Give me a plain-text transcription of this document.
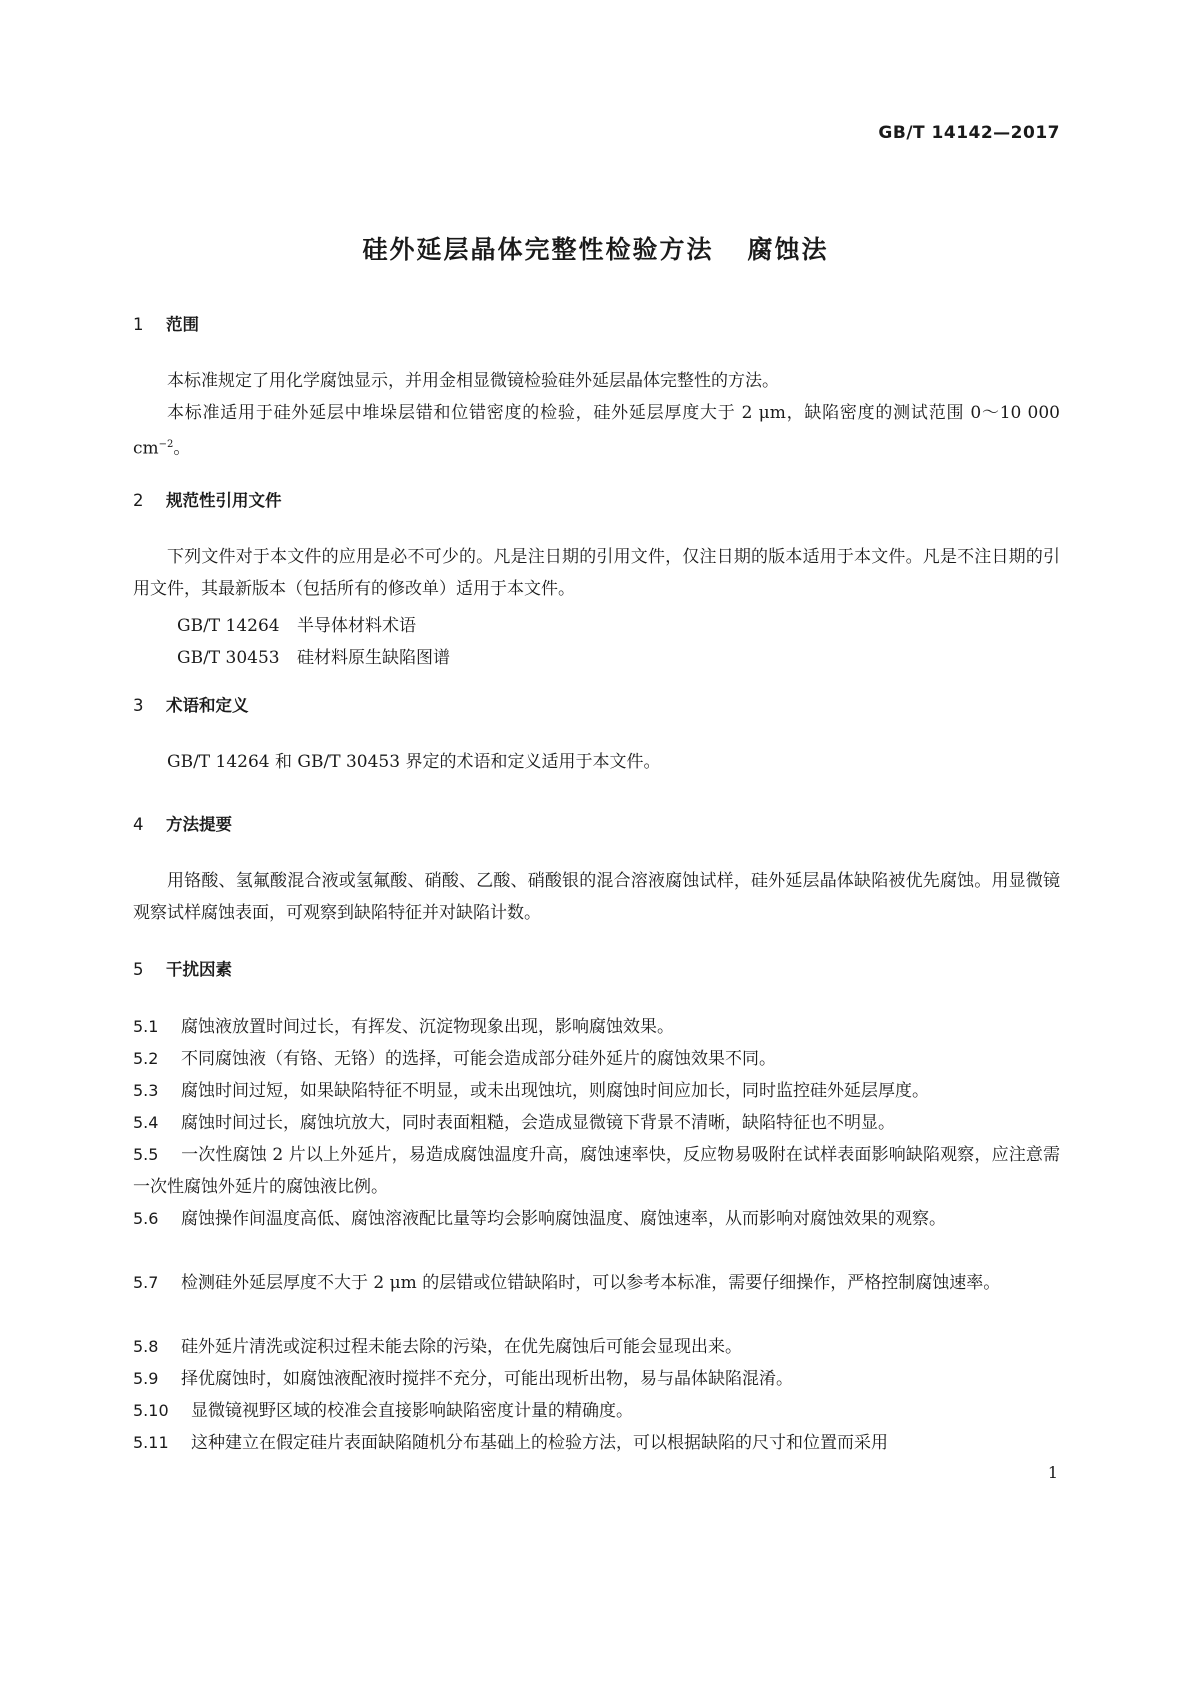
GB/T 14142—2017
硅外延层晶体完整性检验方法 腐蚀法
1 范围
本标准规定了用化学腐蚀显示，并用金相显微镜检验硅外延层晶体完整性的方法。
本标准适用于硅外延层中堆垛层错和位错密度的检验，硅外延层厚度大于 2 μm，缺陷密度的测试范围 0～10 000 $cm^{-2}$。
2 规范性引用文件
下列文件对于本文件的应用是必不可少的。凡是注日期的引用文件，仅注日期的版本适用于本文件。凡是不注日期的引用文件，其最新版本（包括所有的修改单）适用于本文件。
GB/T 14264 半导体材料术语
GB/T 30453 硅材料原生缺陷图谱
3 术语和定义
GB/T 14264 和 GB/T 30453 界定的术语和定义适用于本文件。
4 方法提要
用铬酸、氢氟酸混合液或氢氟酸、硝酸、乙酸、硝酸银的混合溶液腐蚀试样，硅外延层晶体缺陷被优先腐蚀。用显微镜观察试样腐蚀表面，可观察到缺陷特征并对缺陷计数。
5 干扰因素
5.1 腐蚀液放置时间过长，有挥发、沉淀物现象出现，影响腐蚀效果。
5.2 不同腐蚀液（有铬、无铬）的选择，可能会造成部分硅外延片的腐蚀效果不同。
5.3 腐蚀时间过短，如果缺陷特征不明显，或未出现蚀坑，则腐蚀时间应加长，同时监控硅外延层厚度。
5.4 腐蚀时间过长，腐蚀坑放大，同时表面粗糙，会造成显微镜下背景不清晰，缺陷特征也不明显。
5.5 一次性腐蚀 2 片以上外延片，易造成腐蚀温度升高，腐蚀速率快，反应物易吸附在试样表面影响缺陷观察，应注意需一次性腐蚀外延片的腐蚀液比例。
5.6 腐蚀操作间温度高低、腐蚀溶液配比量等均会影响腐蚀温度、腐蚀速率，从而影响对腐蚀效果的观察。
5.7 检测硅外延层厚度不大于 2 μm 的层错或位错缺陷时，可以参考本标准，需要仔细操作，严格控制腐蚀速率。
5.8 硅外延片清洗或淀积过程未能去除的污染，在优先腐蚀后可能会显现出来。
5.9 择优腐蚀时，如腐蚀液配液时搅拌不充分，可能出现析出物，易与晶体缺陷混淆。
5.10 显微镜视野区域的校准会直接影响缺陷密度计量的精确度。
5.11 这种建立在假定硅片表面缺陷随机分布基础上的检验方法，可以根据缺陷的尺寸和位置而采用
1
